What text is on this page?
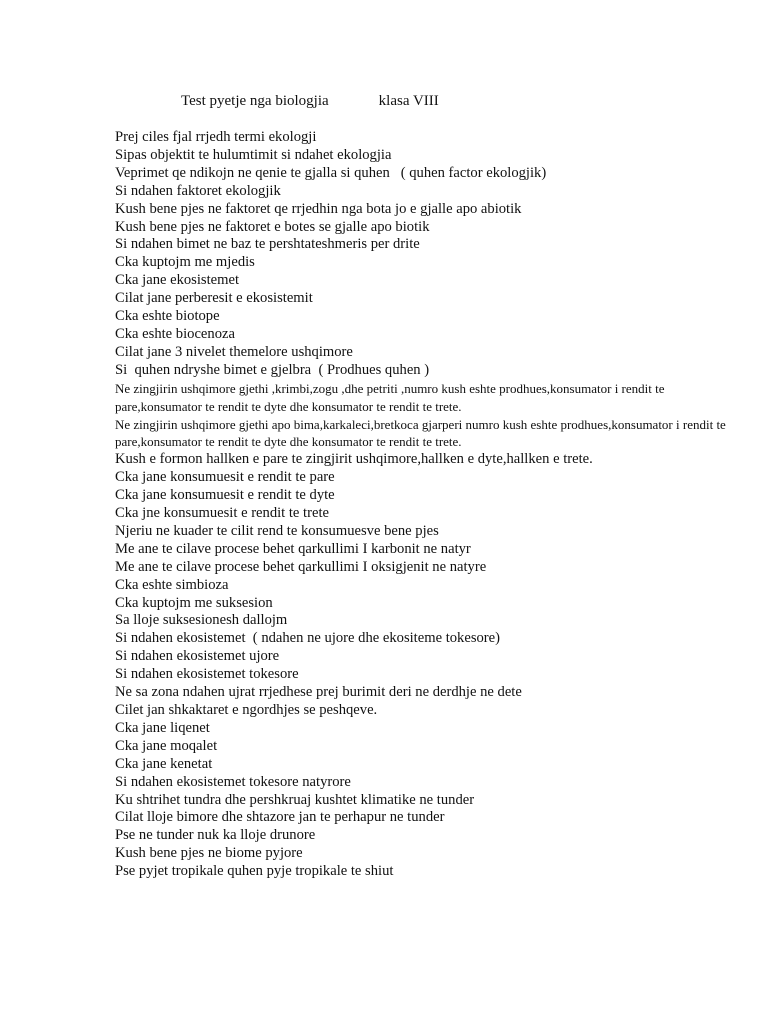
Test pyetje nga biologjia	klasa VIII

Prej ciles fjal rrjedh termi ekologji

Sipas objektit te hulumtimit si ndahet ekologjia

Veprimet qe ndikojn ne qenie te gjalla si quhen   ( quhen factor ekologjik)

Si ndahen faktoret ekologjik

Kush bene pjes ne faktoret qe rrjedhin nga bota jo e gjalle apo abiotik

Kush bene pjes ne faktoret e botes se gjalle apo biotik

Si ndahen bimet ne baz te pershtateshmeris per drite

Cka kuptojm me mjedis

Cka jane ekosistemet

Cilat jane perberesit e ekosistemit

Cka eshte biotope

Cka eshte biocenoza

Cilat jane 3 nivelet themelore ushqimore

Si  quhen ndryshe bimet e gjelbra  ( Prodhues quhen )

Ne zingjirin ushqimore gjethi ,krimbi,zogu ,dhe petriti ,numro kush eshte prodhues,konsumator i rendit te pare,konsumator te rendit te dyte dhe konsumator te rendit te trete.

Ne zingjirin ushqimore gjethi apo bima,karkaleci,bretkoca gjarperi numro kush eshte prodhues,konsumator i rendit te pare,konsumator te rendit te dyte dhe konsumator te rendit te trete.

Kush e formon hallken e pare te zingjirit ushqimore,hallken e dyte,hallken e trete.

Cka jane konsumuesit e rendit te pare

Cka jane konsumuesit e rendit te dyte

Cka jne konsumuesit e rendit te trete

Njeriu ne kuader te cilit rend te konsumuesve bene pjes

Me ane te cilave procese behet qarkullimi I karbonit ne natyr

Me ane te cilave procese behet qarkullimi I oksigjenit ne natyre

Cka eshte simbioza

Cka kuptojm me suksesion

Sa lloje suksesionesh dallojm

Si ndahen ekosistemet  ( ndahen ne ujore dhe ekositeme tokesore)

Si ndahen ekosistemet ujore

Si ndahen ekosistemet tokesore

Ne sa zona ndahen ujrat rrjedhese prej burimit deri ne derdhje ne dete

Cilet jan shkaktaret e ngordhjes se peshqeve.

Cka jane liqenet

Cka jane moqalet

Cka jane kenetat

Si ndahen ekosistemet tokesore natyrore

Ku shtrihet tundra dhe pershkruaj kushtet klimatike ne tunder

Cilat lloje bimore dhe shtazore jan te perhapur ne tunder

Pse ne tunder nuk ka lloje drunore

Kush bene pjes ne biome pyjore

Pse pyjet tropikale quhen pyje tropikale te shiut
